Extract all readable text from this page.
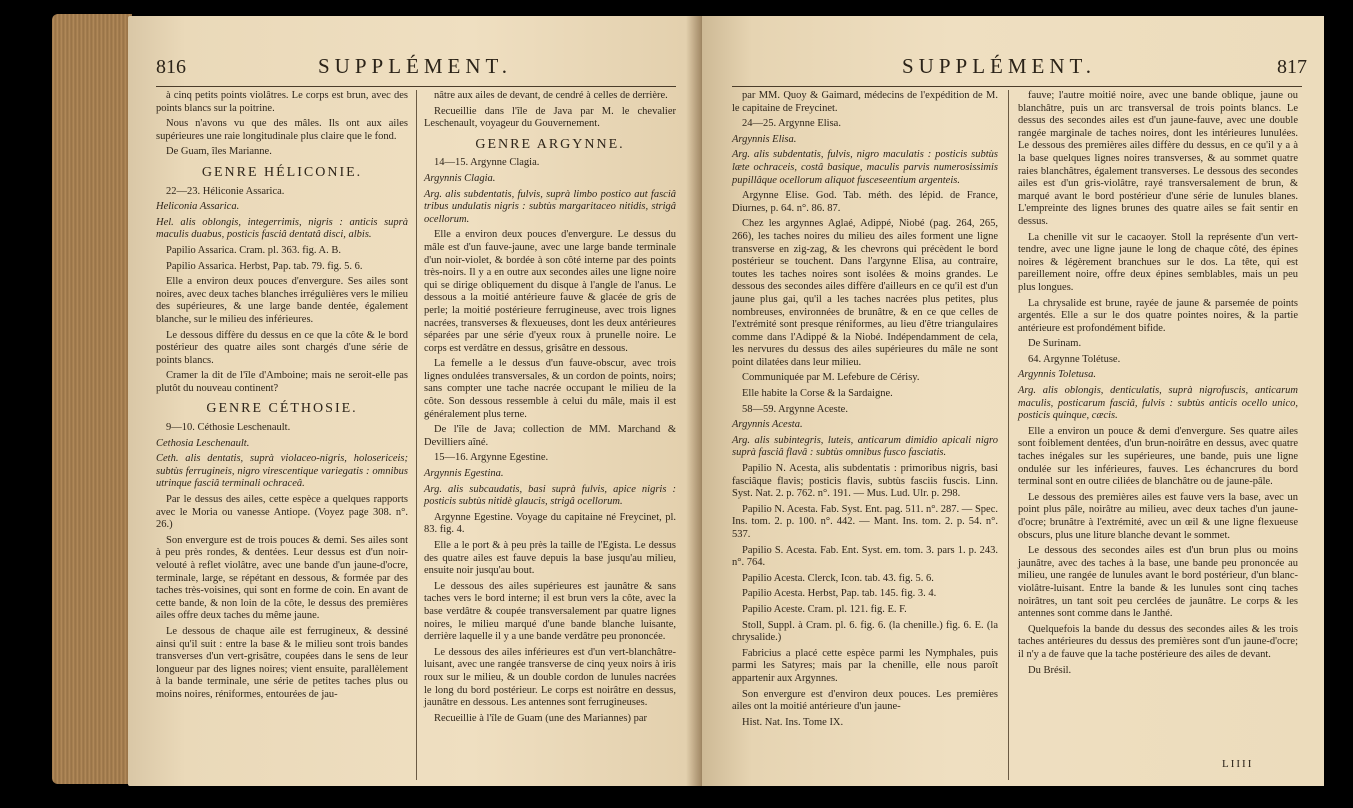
816	SUPPLÉMENT.

à cinq petits points violâtres. Le corps est brun, avec des points blancs sur la poitrine.

Nous n'avons vu que des mâles. Ils ont aux ailes supérieures une raie longitudinale plus claire que le fond.

De Guam, îles Marianne.

GENRE HÉLICONIE.

22—23. Héliconie Assarica.

Heliconia Assarica.

Hel. alis oblongis, integerrimis, nigris : anticis suprà maculis duabus, posticis fasciâ dentatâ disci, albis.

Papilio Assarica. Cram. pl. 363. fig. A. B.

Papilio Assarica. Herbst, Pap. tab. 79. fig. 5. 6.

Elle a environ deux pouces d'envergure. Ses ailes sont noires, avec deux taches blanches irrégulières vers le milieu des supérieures, & une large bande dentée, également blanche, sur le milieu des inférieures.

Le dessous diffère du dessus en ce que la côte & le bord postérieur des quatre ailes sont chargés d'une série de points blancs.

Cramer la dit de l'île d'Amboine; mais ne seroit-elle pas plutôt du nouveau continent?

GENRE CÉTHOSIE.

9—10. Céthosie Leschenault.

Cethosia Leschenault.

Ceth. alis dentatis, suprà violaceo-nigris, holosericeis; subtùs ferrugineis, nigro virescentique variegatis : omnibus utrinque fasciâ terminali ochraceâ.

Par le dessus des ailes, cette espèce a quelques rapports avec le Moria ou vanesse Antiope. (Voyez page 308. n°. 26.)

Son envergure est de trois pouces & demi. Ses ailes sont à peu près rondes, & dentées. Leur dessus est d'un noir-velouté à reflet violâtre, avec une bande d'un jaune-d'ocre, terminale, large, se répétant en dessous, & formée par des taches très-voisines, qui sont en forme de coin. En avant de cette bande, & non loin de la côte, le dessus des premières ailes offre deux taches du même jaune.

Le dessous de chaque aile est ferrugineux, & dessiné ainsi qu'il suit : entre la base & le milieu sont trois bandes transverses d'un vert-grisâtre, coupées dans le sens de leur longueur par des lignes noires; vient ensuite, parallèlement à la bande terminale, une série de petites taches plus ou moins noires, réniformes, entourées de jau-

nâtre aux ailes de devant, de cendré à celles de derrière.

Recueillie dans l'île de Java par M. le chevalier Leschenault, voyageur du Gouvernement.

GENRE ARGYNNE.

14—15. Argynne Clagia.

Argynnis Clagia.

Arg. alis subdentatis, fulvis, suprà limbo postico aut fasciâ tribus undulatis nigris : subtùs margaritaceo nitidis, strigâ ocellorum.

Elle a environ deux pouces d'envergure. Le dessus du mâle est d'un fauve-jaune, avec une large bande terminale d'un noir-violet, & bordée à son côté interne par des points très-noirs. Il y a en outre aux secondes ailes une ligne noire qui se dirige obliquement du disque à l'angle de l'anus. Le dessous a la moitié antérieure fauve & glacée de gris de perle; la moitié postérieure ferrugineuse, avec trois lignes nacrées, transverses & flexueuses, dont les deux antérieures séparées par une série d'yeux roux à prunelle noire. Le corps est verdâtre en dessus, grisâtre en dessous.

La femelle a le dessus d'un fauve-obscur, avec trois lignes ondulées transversales, & un cordon de points, noirs; sans compter une tache nacrée occupant le milieu de la côte. Son dessous ressemble à celui du mâle, mais il est généralement plus terne.

De l'île de Java; collection de MM. Marchand & Devilliers aîné.

15—16. Argynne Egestine.

Argynnis Egestina.

Arg. alis subcaudatis, basi suprà fulvis, apice nigris : posticis subtùs nitidè glaucis, strigâ ocellorum.

Argynne Egestine. Voyage du capitaine né Freycinet, pl. 83. fig. 4.

Elle a le port & à peu près la taille de l'Egista. Le dessus des quatre ailes est fauve depuis la base jusqu'au milieu, ensuite noir jusqu'au bout.

Le dessous des ailes supérieures est jaunâtre & sans taches vers le bord interne; il est brun vers la côte, avec la base verdâtre & coupée transversalement par quatre lignes noires, le milieu marqué d'une bande blanche luisante, derrière laquelle il y a une bande verdâtre peu prononcée.

Le dessous des ailes inférieures est d'un vert-blanchâtre-luisant, avec une rangée transverse de cinq yeux noirs à iris roux sur le milieu, & un double cordon de lunules nacrées le long du bord postérieur. Le corps est noirâtre en dessus, jaunâtre en dessous. Les antennes sont ferrugineuses.

Recueillie à l'île de Guam (une des Mariannes) par

SUPPLÉMENT.	817

par MM. Quoy & Gaimard, médecins de l'expédition de M. le capitaine de Freycinet.

24—25. Argynne Elisa.

Argynnis Elisa.

Arg. alis subdentatis, fulvis, nigro maculatis : posticis subtùs læte ochraceis, costâ basique, maculis parvis numerosissimis pupillâque ocellorum aliquot fusceseentium argenteis.

Argynne Elise. God. Tab. méth. des lépid. de France, Diurnes, p. 64. n°. 86. 87.

Chez les argynnes Aglaé, Adippé, Niobé (pag. 264, 265, 266), les taches noires du milieu des ailes forment une ligne transverse en zig-zag, & les chevrons qui précèdent le bord postérieur se touchent. Dans l'argynne Elisa, au contraire, toutes les taches noires sont isolées & moins grandes. Le dessous des secondes ailes diffère d'ailleurs en ce qu'il est d'un jaune plus gai, qu'il a les taches nacrées plus petites, plus nombreuses, environnées de brunâtre, & en ce que celles de l'extrémité sont presque réniformes, au lieu d'être triangulaires comme dans l'Adippé & la Niobé. Indépendamment de cela, les nervures du dessus des ailes supérieures du mâle ne sont point dilatées dans leur milieu.

Communiquée par M. Lefebure de Cérisy.

Elle habite la Corse & la Sardaigne.

58—59. Argynne Aceste.

Argynnis Acesta.

Arg. alis subintegris, luteis, anticarum dimidio apicali nigro suprà fasciâ flavâ : subtùs omnibus fusco fasciatis.

Papilio N. Acesta, alis subdentatis : primoribus nigris, basi fasciâque flavis; posticis flavis, subtùs fasciis fuscis. Linn. Syst. Nat. 2. p. 762. n°. 191. — Mus. Lud. Ulr. p. 298.

Papilio N. Acesta. Fab. Syst. Ent. pag. 511. n°. 287. — Spec. Ins. tom. 2. p. 100. n°. 442. — Mant. Ins. tom. 2. p. 54. n°. 537.

Papilio S. Acesta. Fab. Ent. Syst. em. tom. 3. pars 1. p. 243. n°. 764.

Papilio Acesta. Clerck, Icon. tab. 43. fig. 5. 6.

Papilio Acesta. Herbst, Pap. tab. 145. fig. 3. 4.

Papilio Aceste. Cram. pl. 121. fig. E. F.

Stoll, Suppl. à Cram. pl. 6. fig. 6. (la chenille.) fig. 6. E. (la chrysalide.)

Fabricius a placé cette espèce parmi les Nymphales, puis parmi les Satyres; mais par la chenille, elle nous paroît appartenir aux Argynnes.

Son envergure est d'environ deux pouces. Les premières ailes ont la moitié antérieure d'un jaune-

Hist. Nat. Ins. Tome IX.

fauve; l'autre moitié noire, avec une bande oblique, jaune ou blanchâtre, puis un arc transversal de trois points blancs. Le dessus des secondes ailes est d'un jaune-fauve, avec une double rangée marginale de taches noires, dont les intérieures lunulées. Le dessous des premières ailes diffère du dessus, en ce qu'il y a à la base quelques lignes noires transverses, & au sommet quatre raies blanchâtres, également transverses. Le dessous des secondes ailes est d'un gris-violâtre, rayé transversalement de brun, & marqué avant le bord postérieur d'une série de lunules blanes. L'empreinte des lignes brunes des quatre ailes se fait sentir en dessus.

La chenille vit sur le cacaoyer. Stoll la représente d'un vert-tendre, avec une ligne jaune le long de chaque côté, des épines noires & légèrement branchues sur le dos. La tête, qui est pareillement noire, offre deux épines semblables, mais un peu plus longues.

La chrysalide est brune, rayée de jaune & parsemée de points argentés. Elle a sur le dos quatre pointes noires, & la partie antérieure est profondément bifide.

De Surinam.

64. Argynne Tolétuse.

Argynnis Toletusa.

Arg. alis oblongis, denticulatis, suprà nigrofuscis, anticarum maculis, posticarum fasciâ, fulvis : subtùs anticis ocello unico, posticis quinque, cæcis.

Elle a environ un pouce & demi d'envergure. Ses quatre ailes sont foiblement dentées, d'un brun-noirâtre en dessus, avec quatre taches inégales sur les supérieures, une bande, puis une ligne ondulée sur les inférieures, fauves. Les échancrures du bord terminal sont en outre ciliées de blanchâtre ou de jaune-pâle.

Le dessous des premières ailes est fauve vers la base, avec un point plus pâle, noirâtre au milieu, avec deux taches d'un jaune-d'ocre; brunâtre à l'extrémité, avec un œil & une ligne flexueuse obscurs, plus une liture blanche devant le sommet.

Le dessous des secondes ailes est d'un brun plus ou moins jaunâtre, avec des taches à la base, une bande peu prononcée au milieu, une rangée de lunules avant le bord postérieur, d'un blanc-violâtre-luisant. Entre la bande & les lunules sont cinq taches noirâtres, un tant soit peu cerclées de jaunâtre. Le corps & les antennes sont comme dans le Janthé.

Quelquefois la bande du dessus des secondes ailes & les trois taches antérieures du dessus des premières sont d'un jaune-d'ocre; il n'y a de fauve que la tache postérieure des ailes de devant.

Du Brésil.

LIIII
